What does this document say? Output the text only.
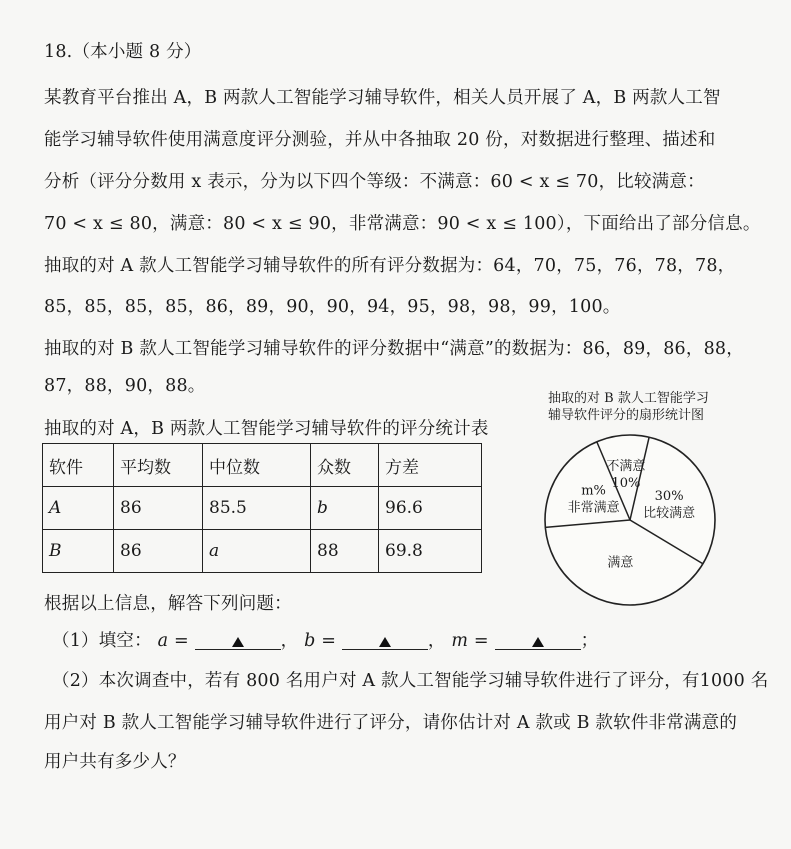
18.（本小题 8 分）
某教育平台推出 A，B 两款人工智能学习辅导软件，相关人员开展了 A，B 两款人工智
能学习辅导软件使用满意度评分测验，并从中各抽取 20 份，对数据进行整理、描述和
分析（评分分数用 x 表示，分为以下四个等级：不满意：60 < x ≤ 70，比较满意：
70 < x ≤ 80，满意：80 < x ≤ 90，非常满意：90 < x ≤ 100），下面给出了部分信息。
抽取的对 A 款人工智能学习辅导软件的所有评分数据为：64，70，75，76，78，78，
85，85，85，85，86，89，90，90，94，95，98，98，99，100。
抽取的对 B 款人工智能学习辅导软件的评分数据中“满意”的数据为：86，89，86，88，
87，88，90，88。
抽取的对 A，B 两款人工智能学习辅导软件的评分统计表
软件	平均数	中位数	众数	方差
A	86	85.5	b	96.6
B	86	a	88	69.8
抽取的对 B 款人工智能学习
辅导软件评分的扇形统计图
不满意
10%
30%
比较满意
满意
m%
非常满意
根据以上信息，解答下列问题：
（1）填空： a =	， b =	， m =	；
（2）本次调查中，若有 800 名用户对 A 款人工智能学习辅导软件进行了评分，有1000 名
用户对 B 款人工智能学习辅导软件进行了评分，请你估计对 A 款或 B 款软件非常满意的
用户共有多少人？
